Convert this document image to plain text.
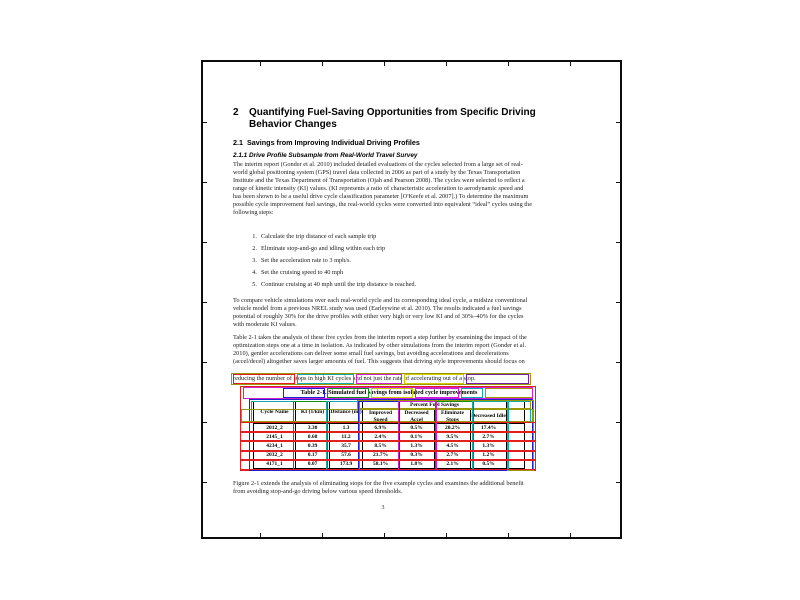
2 Quantifying Fuel-Saving Opportunities from Specific Driving Behavior Changes
2.1 Savings from Improving Individual Driving Profiles
2.1.1 Drive Profile Subsample from Real-World Travel Survey
The interim report (Gonder et al. 2010) included detailed evaluations of the cycles selected from a large set of real-world global positioning system (GPS) travel data collected in 2006 as part of a study by the Texas Transportation Institute and the Texas Department of Transportation (Ojah and Pearson 2008). The cycles were selected to reflect a range of kinetic intensity (KI) values. (KI represents a ratio of characteristic acceleration to aerodynamic speed and has been shown to be a useful drive cycle classification parameter [O'Keefe et al. 2007].) To determine the maximum possible cycle improvement fuel savings, the real-world cycles were converted into equivalent “ideal” cycles using the following steps:
1. Calculate the trip distance of each sample trip
2. Eliminate stop-and-go and idling within each trip
3. Set the acceleration rate to 3 mph/s.
4. Set the cruising speed to 40 mph
5. Continue cruising at 40 mph until the trip distance is reached.
To compare vehicle simulations over each real-world cycle and its corresponding ideal cycle, a midsize conventional vehicle model from a previous NREL study was used (Earleywine et al. 2010). The results indicated a fuel savings potential of roughly 30% for the drive profiles with either very high or very low KI and of 30%–40% for the cycles with moderate KI values.
Table 2-1 takes the analysis of these five cycles from the interim report a step further by examining the impact of the optimization steps one at a time in isolation. As indicated by other simulations from the interim report (Gonder et al. 2010), gentler accelerations can deliver some small fuel savings, but avoiding accelerations and decelerations (accel/decel) altogether saves larger amounts of fuel. This suggests that driving style improvements should focus on
reducing the number of stops in high KI cycles and not just the rate of accelerating out of a stop.
Table 2-1. Simulated fuel savings from isolated cycle improvements
Cycle Name	KI (1/km)	Distance (mi)	Percent Fuel Savings				
			Improved Speed	Decreased Accel	Eliminate Stops	Decreased Idle	
2012_2	3.30	1.3	6.9%	0.5%	20.2%	17.4%	
2145_1	0.68	11.2	2.4%	0.1%	9.5%	2.7%	
4234_1	0.39	35.7	8.5%	1.3%	4.5%	1.3%	
2032_2	0.17	57.6	21.7%	0.3%	2.7%	1.2%	
4171_1	0.07	173.9	58.1%	1.8%	2.1%	0.5%	
Figure 2-1 extends the analysis of eliminating stops for the five example cycles and examines the additional benefit from avoiding stop-and-go driving below various speed thresholds.
3
